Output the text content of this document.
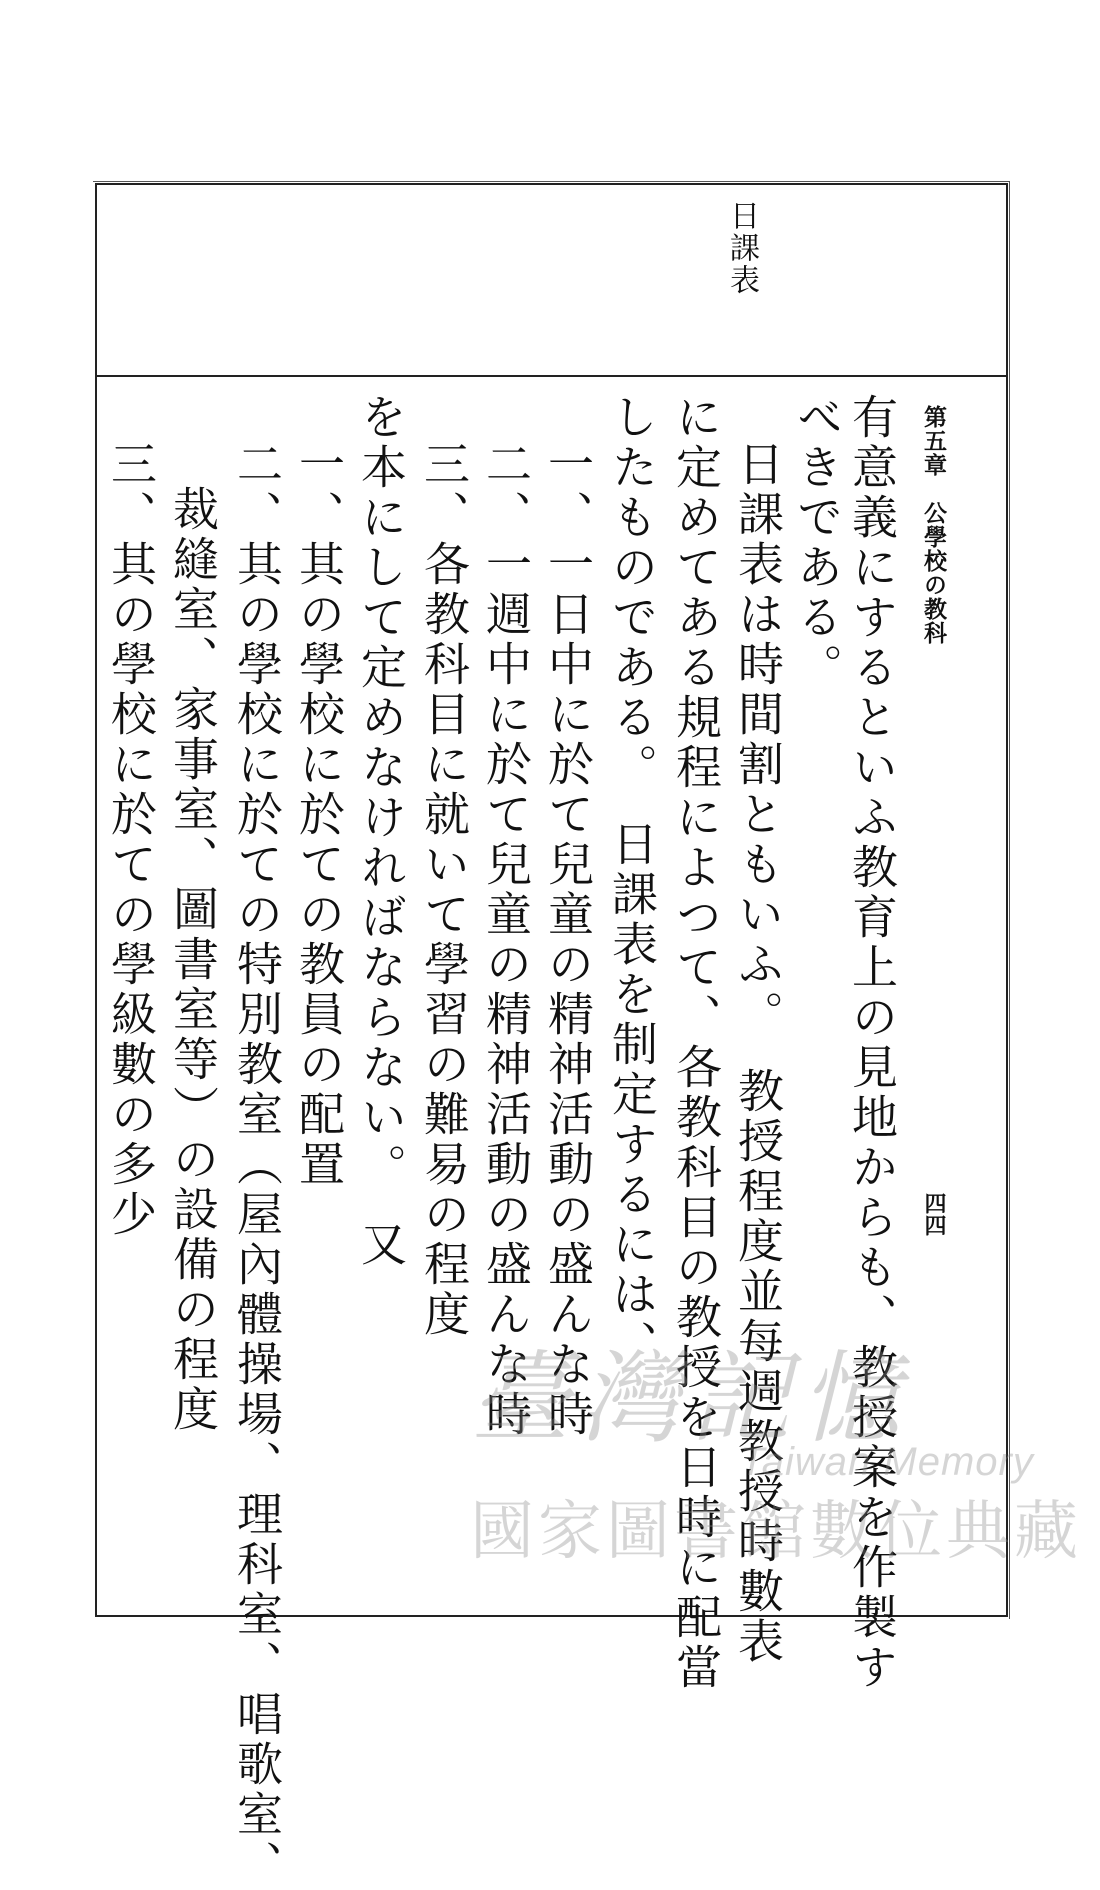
第五章　公學校の教科
四四
日課表
有意義にするといふ教育上の見地からも、教授案を作製す
べきである。
日課表は時間割ともいふ。　教授程度並每週教授時數表
に定めてある規程によつて、各教科目の教授を日時に配當
したものである。　日課表を制定するには、
一、一日中に於て兒童の精神活動の盛んな時
二、一週中に於て兒童の精神活動の盛んな時
三、各教科目に就いて學習の難易の程度
を本にして定めなければならない。　又
一、其の學校に於ての教員の配置
二、其の學校に於ての特別教室（屋內體操場、理科室、唱歌室、
裁縫室、家事室、圖書室等）の設備の程度
三、其の學校に於ての學級數の多少
臺灣記憶
Taiwan Memory
國家圖書館數位典藏
